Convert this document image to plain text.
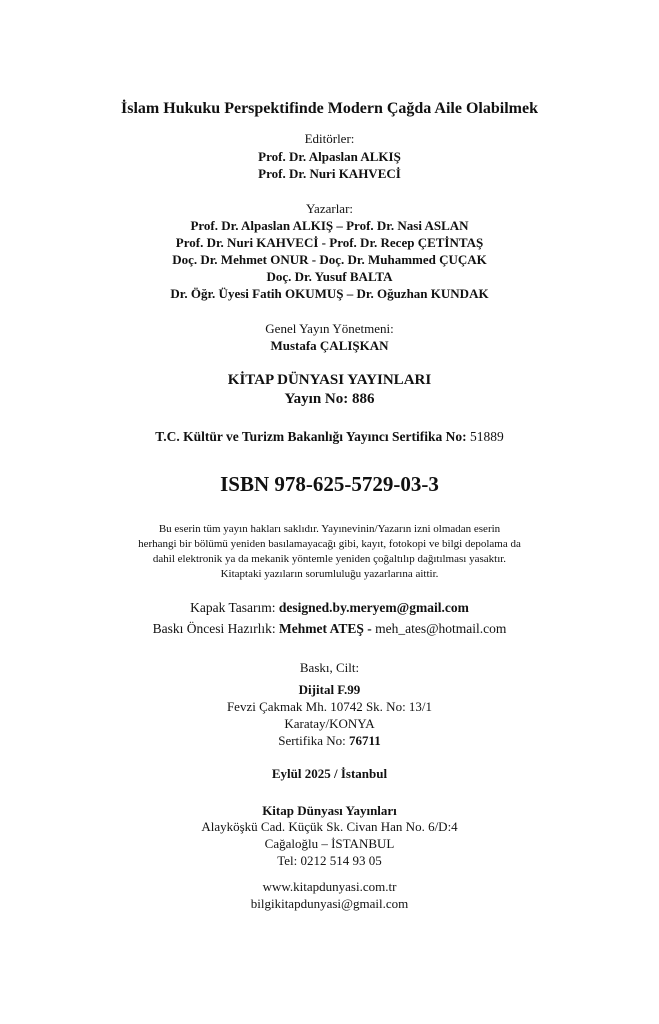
İslam Hukuku Perspektifinde Modern Çağda Aile Olabilmek
Editörler:
Prof. Dr. Alpaslan ALKIŞ
Prof. Dr. Nuri KAHVECİ
Yazarlar:
Prof. Dr. Alpaslan ALKIŞ – Prof. Dr. Nasi ASLAN
Prof. Dr. Nuri KAHVECİ - Prof. Dr. Recep ÇETİNTAŞ
Doç. Dr. Mehmet ONUR - Doç. Dr. Muhammed ÇUÇAK
Doç. Dr. Yusuf BALTA
Dr. Öğr. Üyesi Fatih OKUMUŞ – Dr. Oğuzhan KUNDAK
Genel Yayın Yönetmeni:
Mustafa ÇALIŞKAN
KİTAP DÜNYASI YAYINLARI
Yayın No: 886
T.C. Kültür ve Turizm Bakanlığı Yayıncı Sertifika No: 51889
ISBN 978-625-5729-03-3
Bu eserin tüm yayın hakları saklıdır. Yayınevinin/Yazarın izni olmadan eserin
herhangi bir bölümü yeniden basılamayacağı gibi, kayıt, fotokopi ve bilgi depolama da
dahil elektronik ya da mekanik yöntemle yeniden çoğaltılıp dağıtılması yasaktır.
Kitaptaki yazıların sorumluluğu yazarlarına aittir.
Kapak Tasarım: designed.by.meryem@gmail.com
Baskı Öncesi Hazırlık: Mehmet ATEŞ - meh_ates@hotmail.com
Baskı, Cilt:
Dijital F.99
Fevzi Çakmak Mh. 10742 Sk. No: 13/1
Karatay/KONYA
Sertifika No: 76711
Eylül 2025 / İstanbul
Kitap Dünyası Yayınları
Alayköşkü Cad. Küçük Sk. Civan Han No. 6/D:4
Cağaloğlu – İSTANBUL
Tel: 0212 514 93 05
www.kitapdunyasi.com.tr
bilgikitapdunyasi@gmail.com
